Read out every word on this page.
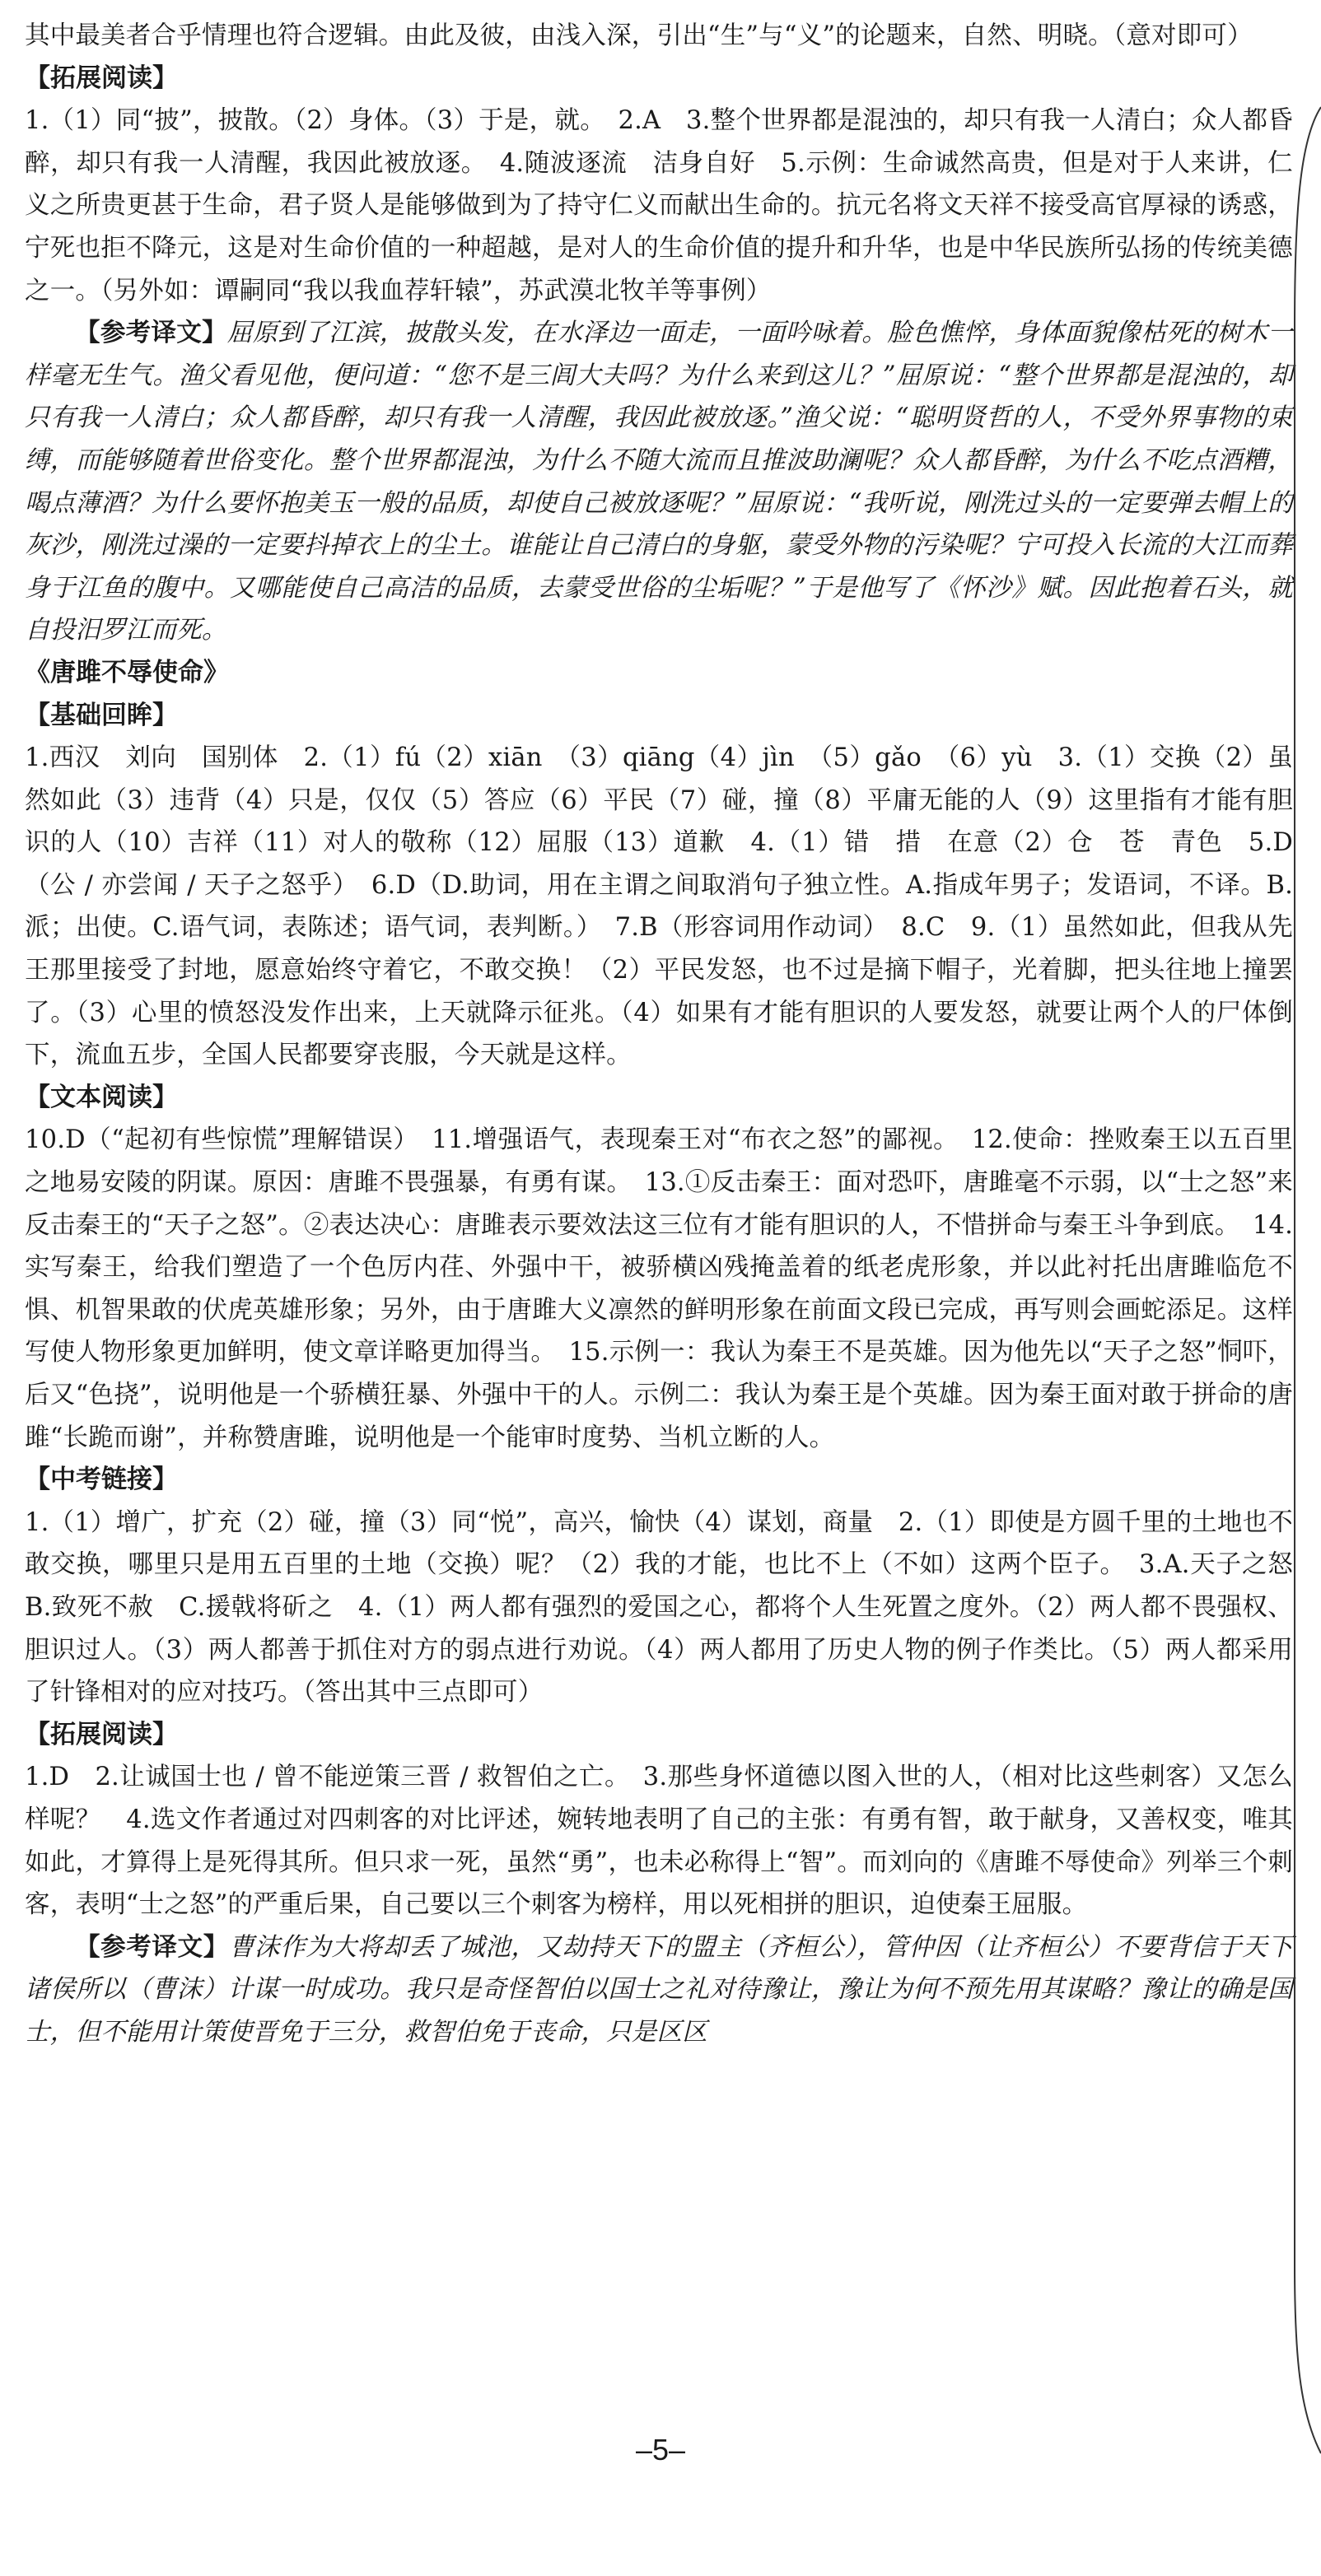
其中最美者合乎情理也符合逻辑。由此及彼，由浅入深，引出“生”与“义”的论题来，自然、明晓。（意对即可）

【拓展阅读】

1.（1）同“披”，披散。（2）身体。（3）于是，就。　2.A　3.整个世界都是混浊的，却只有我一人清白；众人都昏醉，却只有我一人清醒，我因此被放逐。　4.随波逐流　洁身自好　5.示例：生命诚然高贵，但是对于人来讲，仁义之所贵更甚于生命，君子贤人是能够做到为了持守仁义而献出生命的。抗元名将文天祥不接受高官厚禄的诱惑，宁死也拒不降元，这是对生命价值的一种超越，是对人的生命价值的提升和升华，也是中华民族所弘扬的传统美德之一。（另外如：谭嗣同“我以我血荐轩辕”，苏武漠北牧羊等事例）

【参考译文】屈原到了江滨，披散头发，在水泽边一面走，一面吟咏着。脸色憔悴，身体面貌像枯死的树木一样毫无生气。渔父看见他，便问道：“您不是三闾大夫吗？为什么来到这儿？”屈原说：“整个世界都是混浊的，却只有我一人清白；众人都昏醉，却只有我一人清醒，我因此被放逐。”渔父说：“聪明贤哲的人，不受外界事物的束缚，而能够随着世俗变化。整个世界都混浊，为什么不随大流而且推波助澜呢？众人都昏醉，为什么不吃点酒糟，喝点薄酒？为什么要怀抱美玉一般的品质，却使自己被放逐呢？”屈原说：“我听说，刚洗过头的一定要弹去帽上的灰沙，刚洗过澡的一定要抖掉衣上的尘土。谁能让自己清白的身躯，蒙受外物的污染呢？宁可投入长流的大江而葬身于江鱼的腹中。又哪能使自己高洁的品质，去蒙受世俗的尘垢呢？”于是他写了《怀沙》赋。因此抱着石头，就自投汨罗江而死。

《唐雎不辱使命》

【基础回眸】

1.西汉　刘向　国别体　2.（1）fú（2）xiān　（3）qiāng（4）jìn　（5）gǎo　（6）yù　3.（1）交换（2）虽然如此（3）违背（4）只是，仅仅（5）答应（6）平民（7）碰，撞（8）平庸无能的人（9）这里指有才能有胆识的人（10）吉祥（11）对人的敬称（12）屈服（13）道歉　4.（1）错　措　在意（2）仓　苍　青色　5.D（公 / 亦尝闻 / 天子之怒乎）　6.D（D.助词，用在主谓之间取消句子独立性。A.指成年男子；发语词，不译。B.派；出使。C.语气词，表陈述；语气词，表判断。）　7.B（形容词用作动词）　8.C　9.（1）虽然如此，但我从先王那里接受了封地，愿意始终守着它，不敢交换！（2）平民发怒，也不过是摘下帽子，光着脚，把头往地上撞罢了。（3）心里的愤怒没发作出来，上天就降示征兆。（4）如果有才能有胆识的人要发怒，就要让两个人的尸体倒下，流血五步，全国人民都要穿丧服，今天就是这样。

【文本阅读】

10.D（“起初有些惊慌”理解错误）　11.增强语气，表现秦王对“布衣之怒”的鄙视。　12.使命：挫败秦王以五百里之地易安陵的阴谋。原因：唐雎不畏强暴，有勇有谋。　13.①反击秦王：面对恐吓，唐雎毫不示弱，以“士之怒”来反击秦王的“天子之怒”。②表达决心：唐雎表示要效法这三位有才能有胆识的人，不惜拼命与秦王斗争到底。　14.实写秦王，给我们塑造了一个色厉内荏、外强中干，被骄横凶残掩盖着的纸老虎形象，并以此衬托出唐雎临危不惧、机智果敢的伏虎英雄形象；另外，由于唐雎大义凛然的鲜明形象在前面文段已完成，再写则会画蛇添足。这样写使人物形象更加鲜明，使文章详略更加得当。　15.示例一：我认为秦王不是英雄。因为他先以“天子之怒”恫吓，后又“色挠”，说明他是一个骄横狂暴、外强中干的人。示例二：我认为秦王是个英雄。因为秦王面对敢于拼命的唐雎“长跪而谢”，并称赞唐雎，说明他是一个能审时度势、当机立断的人。

【中考链接】

1.（1）增广，扩充（2）碰，撞（3）同“悦”，高兴，愉快（4）谋划，商量　2.（1）即使是方圆千里的土地也不敢交换，哪里只是用五百里的土地（交换）呢？（2）我的才能，也比不上（不如）这两个臣子。　3.A.天子之怒　B.致死不赦　C.援戟将斫之　4.（1）两人都有强烈的爱国之心，都将个人生死置之度外。（2）两人都不畏强权、胆识过人。（3）两人都善于抓住对方的弱点进行劝说。（4）两人都用了历史人物的例子作类比。（5）两人都采用了针锋相对的应对技巧。（答出其中三点即可）

【拓展阅读】

1.D　2.让诚国士也 / 曾不能逆策三晋 / 救智伯之亡。　3.那些身怀道德以图入世的人，（相对比这些刺客）又怎么样呢？　4.选文作者通过对四刺客的对比评述，婉转地表明了自己的主张：有勇有智，敢于献身，又善权变，唯其如此，才算得上是死得其所。但只求一死，虽然“勇”，也未必称得上“智”。而刘向的《唐雎不辱使命》列举三个刺客，表明“士之怒”的严重后果，自己要以三个刺客为榜样，用以死相拼的胆识，迫使秦王屈服。

【参考译文】曹沫作为大将却丢了城池，又劫持天下的盟主（齐桓公），管仲因（让齐桓公）不要背信于天下诸侯所以（曹沫）计谋一时成功。我只是奇怪智伯以国士之礼对待豫让，豫让为何不预先用其谋略？豫让的确是国士，但不能用计策使晋免于三分，救智伯免于丧命，只是区区

–5–
